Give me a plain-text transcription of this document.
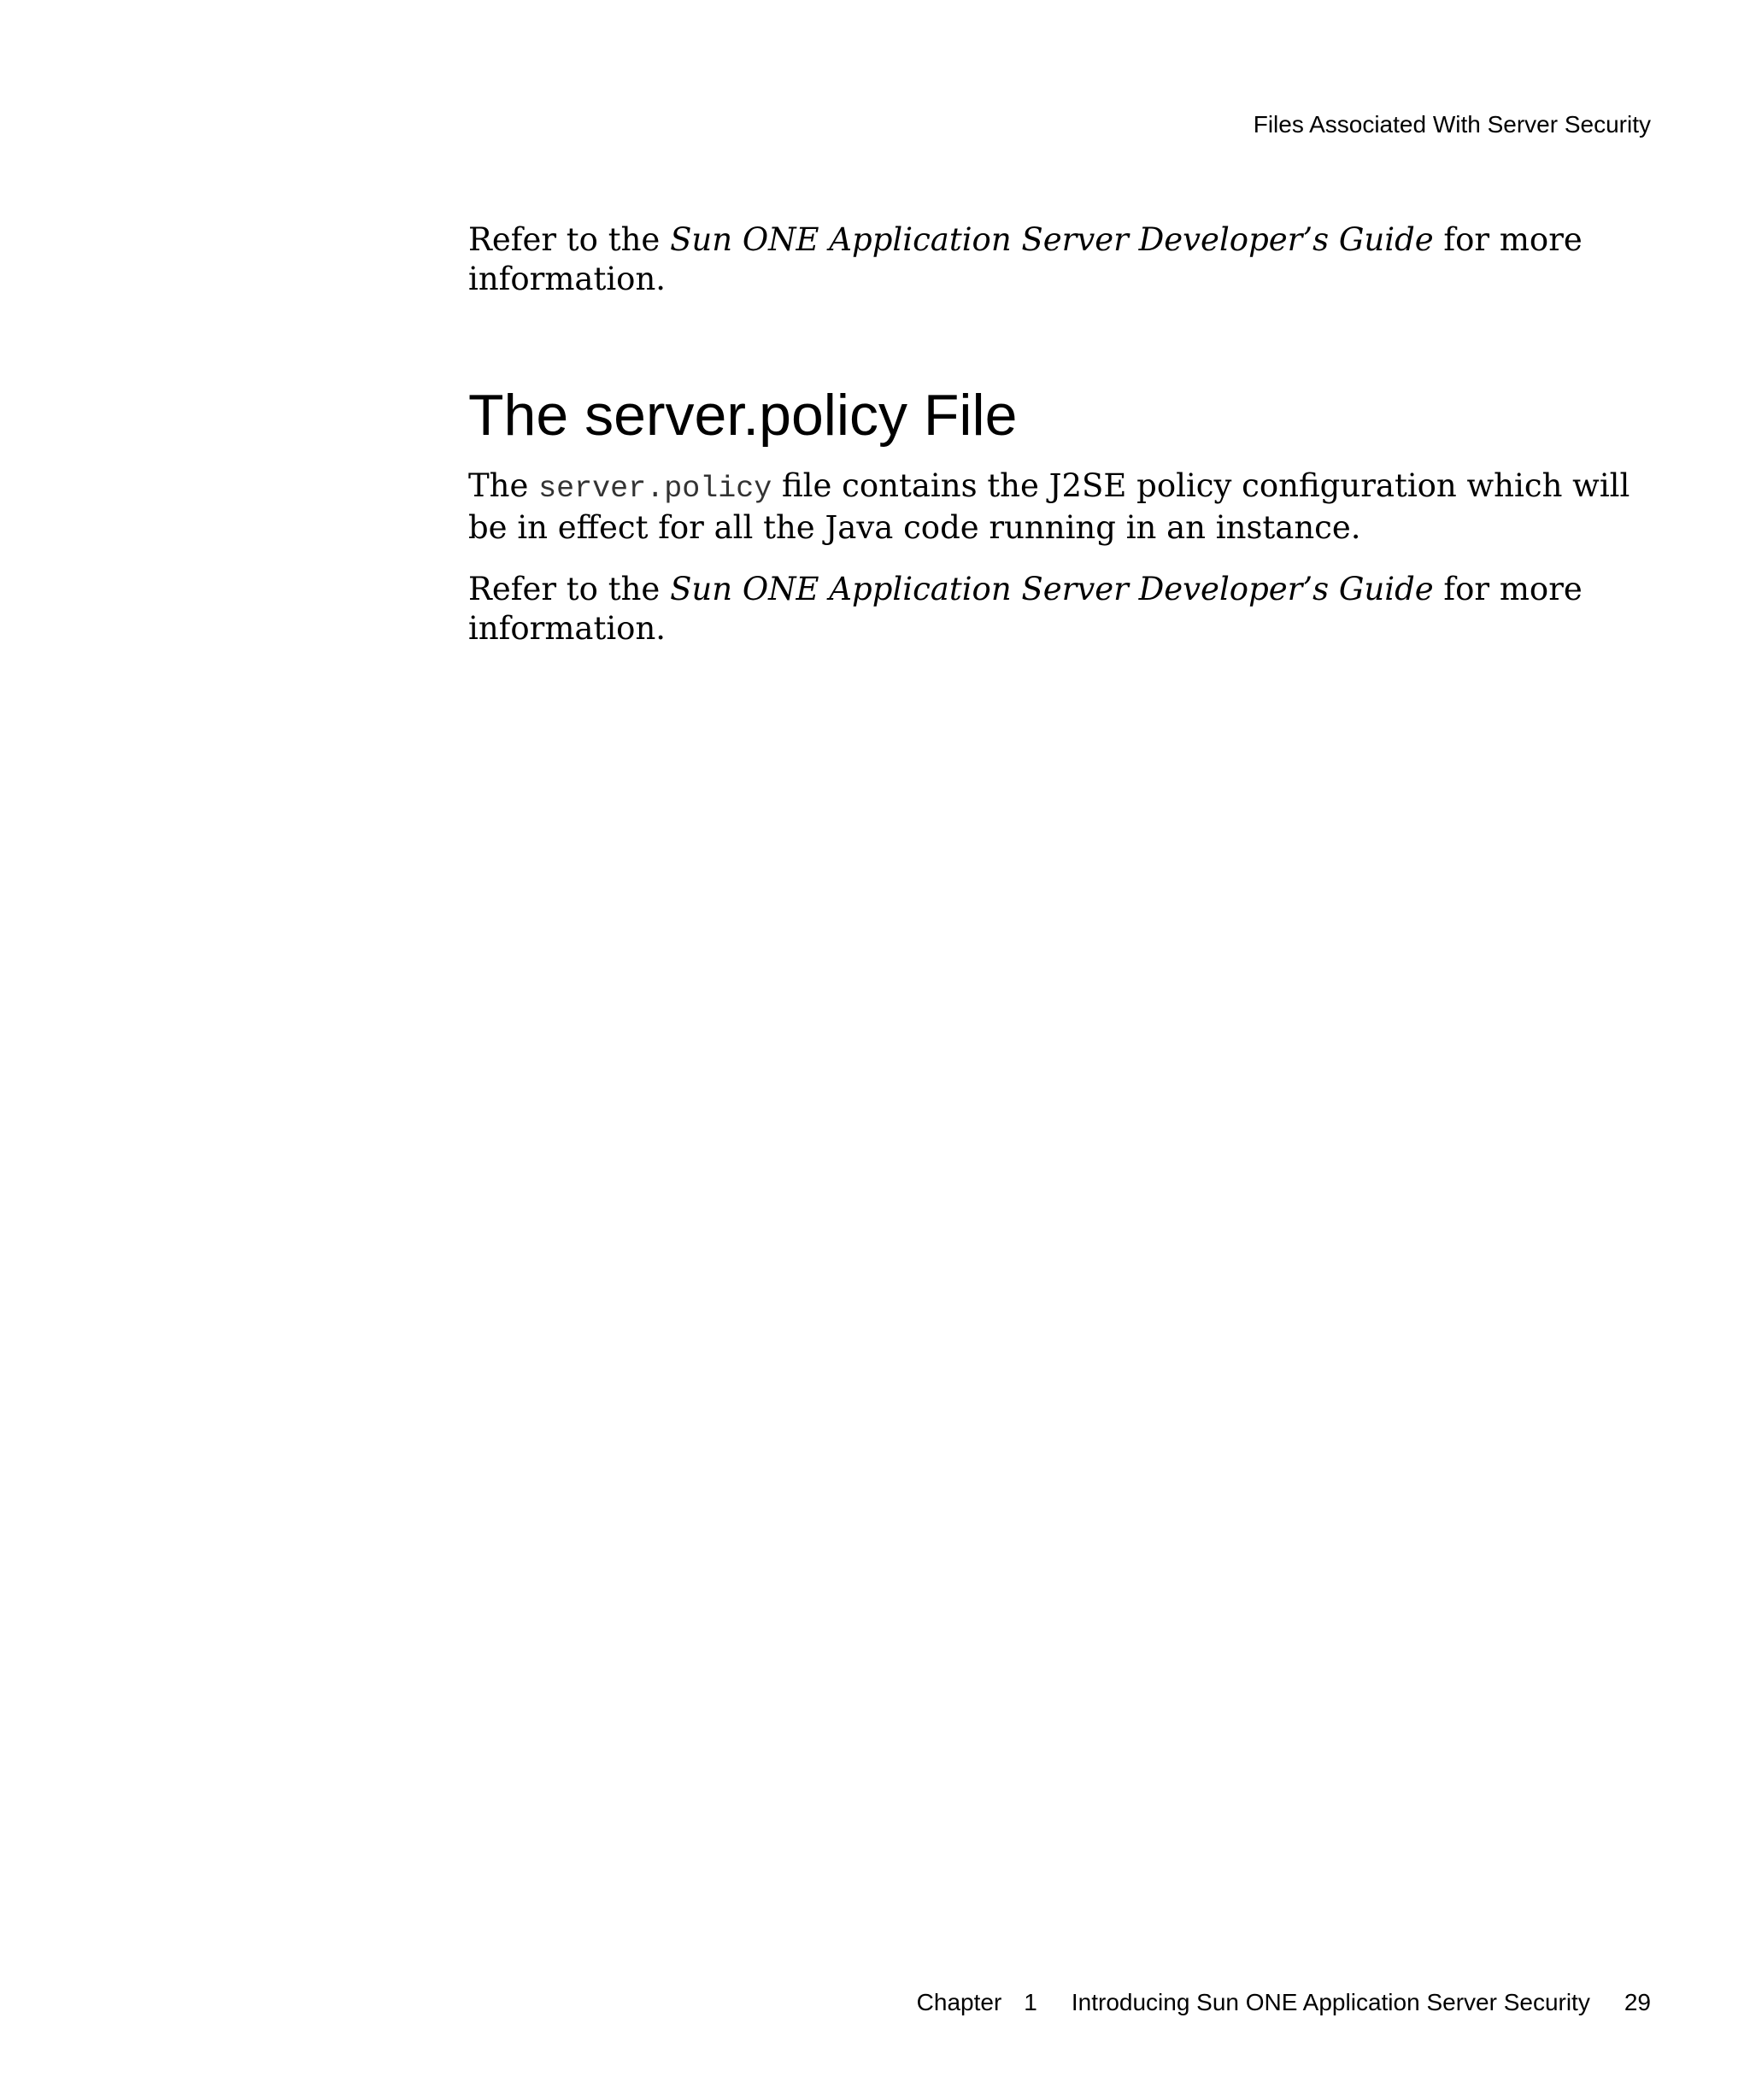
Files Associated With Server Security

Refer to the Sun ONE Application Server Developer’s Guide for more information.

The server.policy File

The server.policy file contains the J2SE policy configuration which will be in effect for all the Java code running in an instance.

Refer to the Sun ONE Application Server Developer’s Guide for more information.

Chapter 1 Introducing Sun ONE Application Server Security 29
